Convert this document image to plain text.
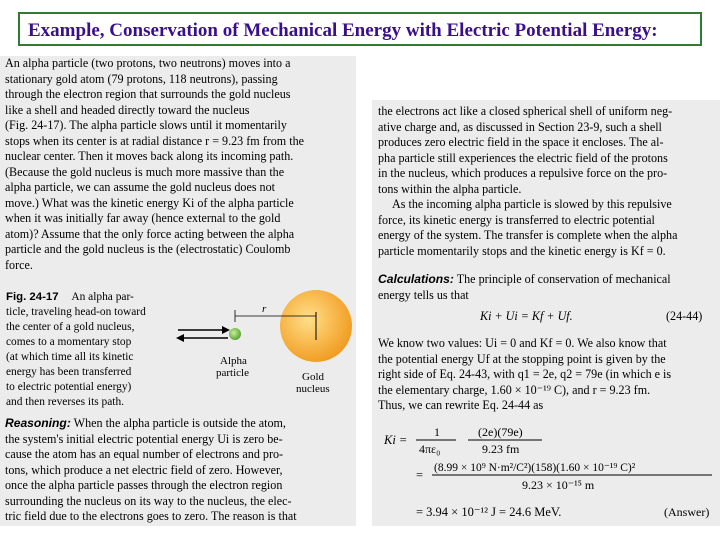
Example, Conservation of Mechanical Energy with Electric Potential Energy:
An alpha particle (two protons, two neutrons) moves into a
stationary gold atom (79 protons, 118 neutrons), passing
through the electron region that surrounds the gold nucleus
like a shell and headed directly toward the nucleus
(Fig. 24-17). The alpha particle slows until it momentarily
stops when its center is at radial distance r = 9.23 fm from the
nuclear center. Then it moves back along its incoming path.
(Because the gold nucleus is much more massive than the
alpha particle, we can assume the gold nucleus does not
move.) What was the kinetic energy Ki of the alpha particle
when it was initially far away (hence external to the gold
atom)? Assume that the only force acting between the alpha
particle and the gold nucleus is the (electrostatic) Coulomb
force.
Fig. 24-17 An alpha par-
ticle, traveling head-on toward
the center of a gold nucleus,
comes to a momentary stop
(at which time all its kinetic
energy has been transferred
to electric potential energy)
and then reverses its path.
r
Alpha
particle	Gold
nucleus
Reasoning: When the alpha particle is outside the atom,
the system's initial electric potential energy Ui is zero be-
cause the atom has an equal number of electrons and pro-
tons, which produce a net electric field of zero. However,
once the alpha particle passes through the electron region
surrounding the nucleus on its way to the nucleus, the elec-
tric field due to the electrons goes to zero. The reason is that
the electrons act like a closed spherical shell of uniform neg-
ative charge and, as discussed in Section 23-9, such a shell
produces zero electric field in the space it encloses. The al-
pha particle still experiences the electric field of the protons
in the nucleus, which produces a repulsive force on the pro-
tons within the alpha particle.
As the incoming alpha particle is slowed by this repulsive
force, its kinetic energy is transferred to electric potential
energy of the system. The transfer is complete when the alpha
particle momentarily stops and the kinetic energy is Kf = 0.
Calculations: The principle of conservation of mechanical
energy tells us that
Ki + Ui = Kf + Uf.	(24-44)
We know two values: Ui = 0 and Kf = 0. We also know that
the potential energy Uf at the stopping point is given by the
right side of Eq. 24-43, with q1 = 2e, q2 = 79e (in which e is
the elementary charge, 1.60 × 10⁻¹⁹ C), and r = 9.23 fm.
Thus, we can rewrite Eq. 24-44 as
Ki =
1
4πε₀
(2e)(79e)
9.23 fm
= (8.99 × 10⁹ N·m²/C²)(158)(1.60 × 10⁻¹⁹ C)²
9.23 × 10⁻¹⁵ m
= 3.94 × 10⁻¹² J = 24.6 MeV.	(Answer)
